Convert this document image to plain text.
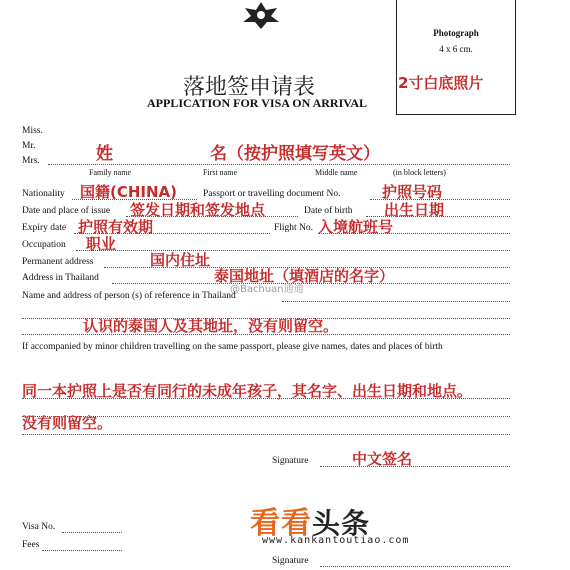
Photograph
4 x 6 cm.
2寸白底照片
落地签申请表
APPLICATION FOR VISA ON ARRIVAL
Miss.
Mr.
Mrs.	姓	名（按护照填写英文）
Family name	First name	Middle name	(in block letters)
Nationality 国籍(CHINA)	Passport or travelling document No.	护照号码
Date and place of issue 签发日期和签发地点	Date of birth 出生日期
Expiry date 护照有效期	Flight No. 入境航班号
Occupation 职业
Permanent address	国内住址
Address in Thailand	泰国地址（填酒店的名字）
@Bachuan通通
Name and address of person (s) of reference in Thailand
认识的泰国人及其地址，没有则留空。
If accompanied by minor children travelling on the same passport, please give names, dates and places of birth
同一本护照上是否有同行的未成年孩子，其名字、出生日期和地点。
没有则留空。
Signature	中文签名
Visa No.
Fees
Signature
看看头条
www.kankantoutiao.com
